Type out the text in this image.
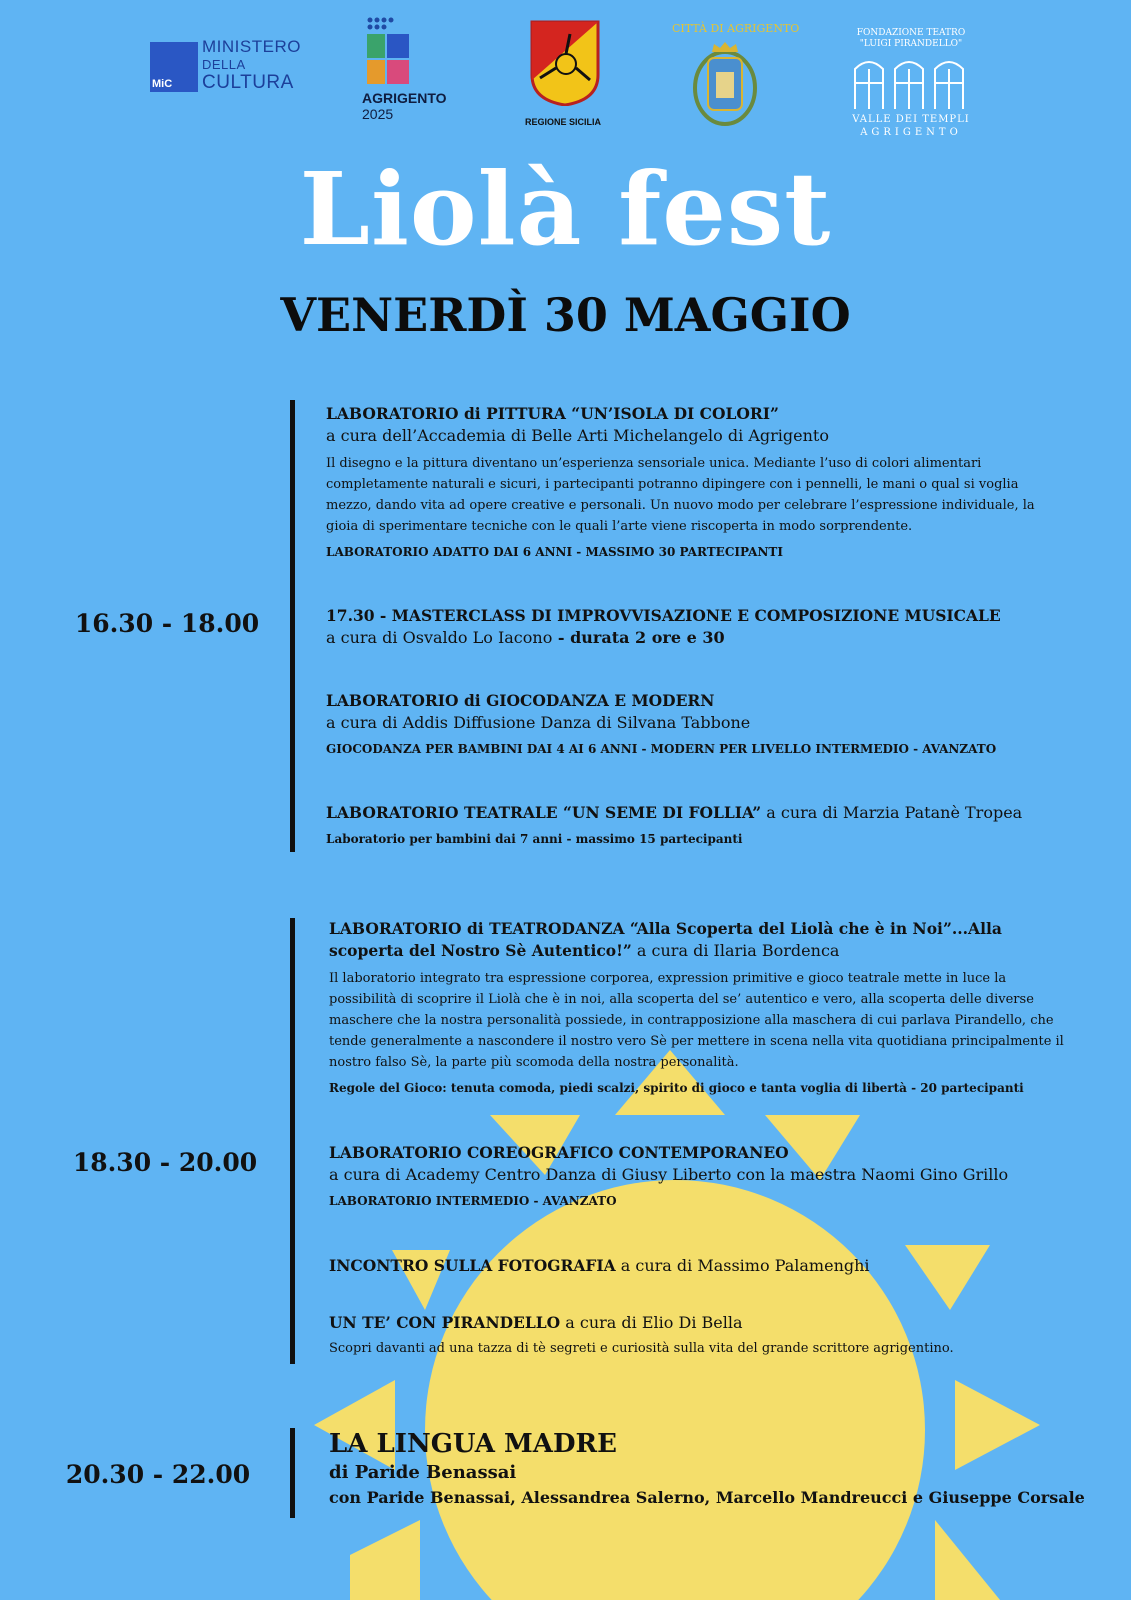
MiC
MINISTERO
DELLA
CULTURA
AGRIGENTO
2025	REGIONE SICILIA
CITTÀ DI AGRIGENTO	FONDAZIONE TEATRO
"LUIGI PIRANDELLO"
VALLE DEI TEMPLI
AGRIGENTO
Liolà fest
VENERDÌ 30 MAGGIO
16.30 - 18.00
LABORATORIO di PITTURA “UN’ISOLA DI COLORI”
a cura dell’Accademia di Belle Arti Michelangelo di Agrigento
Il disegno e la pittura diventano un’esperienza sensoriale unica. Mediante l’uso di colori alimentari completamente naturali e sicuri, i partecipanti potranno dipingere con i pennelli, le mani o qual si voglia mezzo, dando vita ad opere creative e personali. Un nuovo modo per celebrare l’espressione individuale, la gioia di sperimentare tecniche con le quali l’arte viene riscoperta in modo sorprendente.
LABORATORIO ADATTO DAI 6 ANNI - MASSIMO 30 PARTECIPANTI
17.30 - MASTERCLASS DI IMPROVVISAZIONE E COMPOSIZIONE MUSICALE
a cura di Osvaldo Lo Iacono - durata 2 ore e 30
LABORATORIO di GIOCODANZA E MODERN
a cura di Addis Diffusione Danza di Silvana Tabbone
GIOCODANZA PER BAMBINI DAI 4 AI 6 ANNI - MODERN PER LIVELLO INTERMEDIO - AVANZATO
LABORATORIO TEATRALE “UN SEME DI FOLLIA” a cura di Marzia Patanè Tropea
Laboratorio per bambini dai 7 anni - massimo 15 partecipanti
18.30 - 20.00
LABORATORIO di TEATRODANZA “Alla Scoperta del Liolà che è in Noi”...Alla scoperta del Nostro Sè Autentico!” a cura di Ilaria Bordenca
Il laboratorio integrato tra espressione corporea, expression primitive e gioco teatrale mette in luce la possibilità di scoprire il Liolà che è in noi, alla scoperta del se’ autentico e vero, alla scoperta delle diverse maschere che la nostra personalità possiede, in contrapposizione alla maschera di cui parlava Pirandello, che tende generalmente a nascondere il nostro vero Sè per mettere in scena nella vita quotidiana principalmente il nostro falso Sè, la parte più scomoda della nostra personalità.
Regole del Gioco: tenuta comoda, piedi scalzi, spirito di gioco e tanta voglia di libertà - 20 partecipanti
LABORATORIO COREOGRAFICO CONTEMPORANEO
a cura di Academy Centro Danza di Giusy Liberto con la maestra Naomi Gino Grillo
LABORATORIO INTERMEDIO - AVANZATO
INCONTRO SULLA FOTOGRAFIA a cura di Massimo Palamenghi
UN TE’ CON PIRANDELLO a cura di Elio Di Bella
Scopri davanti ad una tazza di tè segreti e curiosità sulla vita del grande scrittore agrigentino.
20.30 - 22.00
LA LINGUA MADRE
di Paride Benassai
con Paride Benassai, Alessandrea Salerno, Marcello Mandreucci e Giuseppe Corsale
